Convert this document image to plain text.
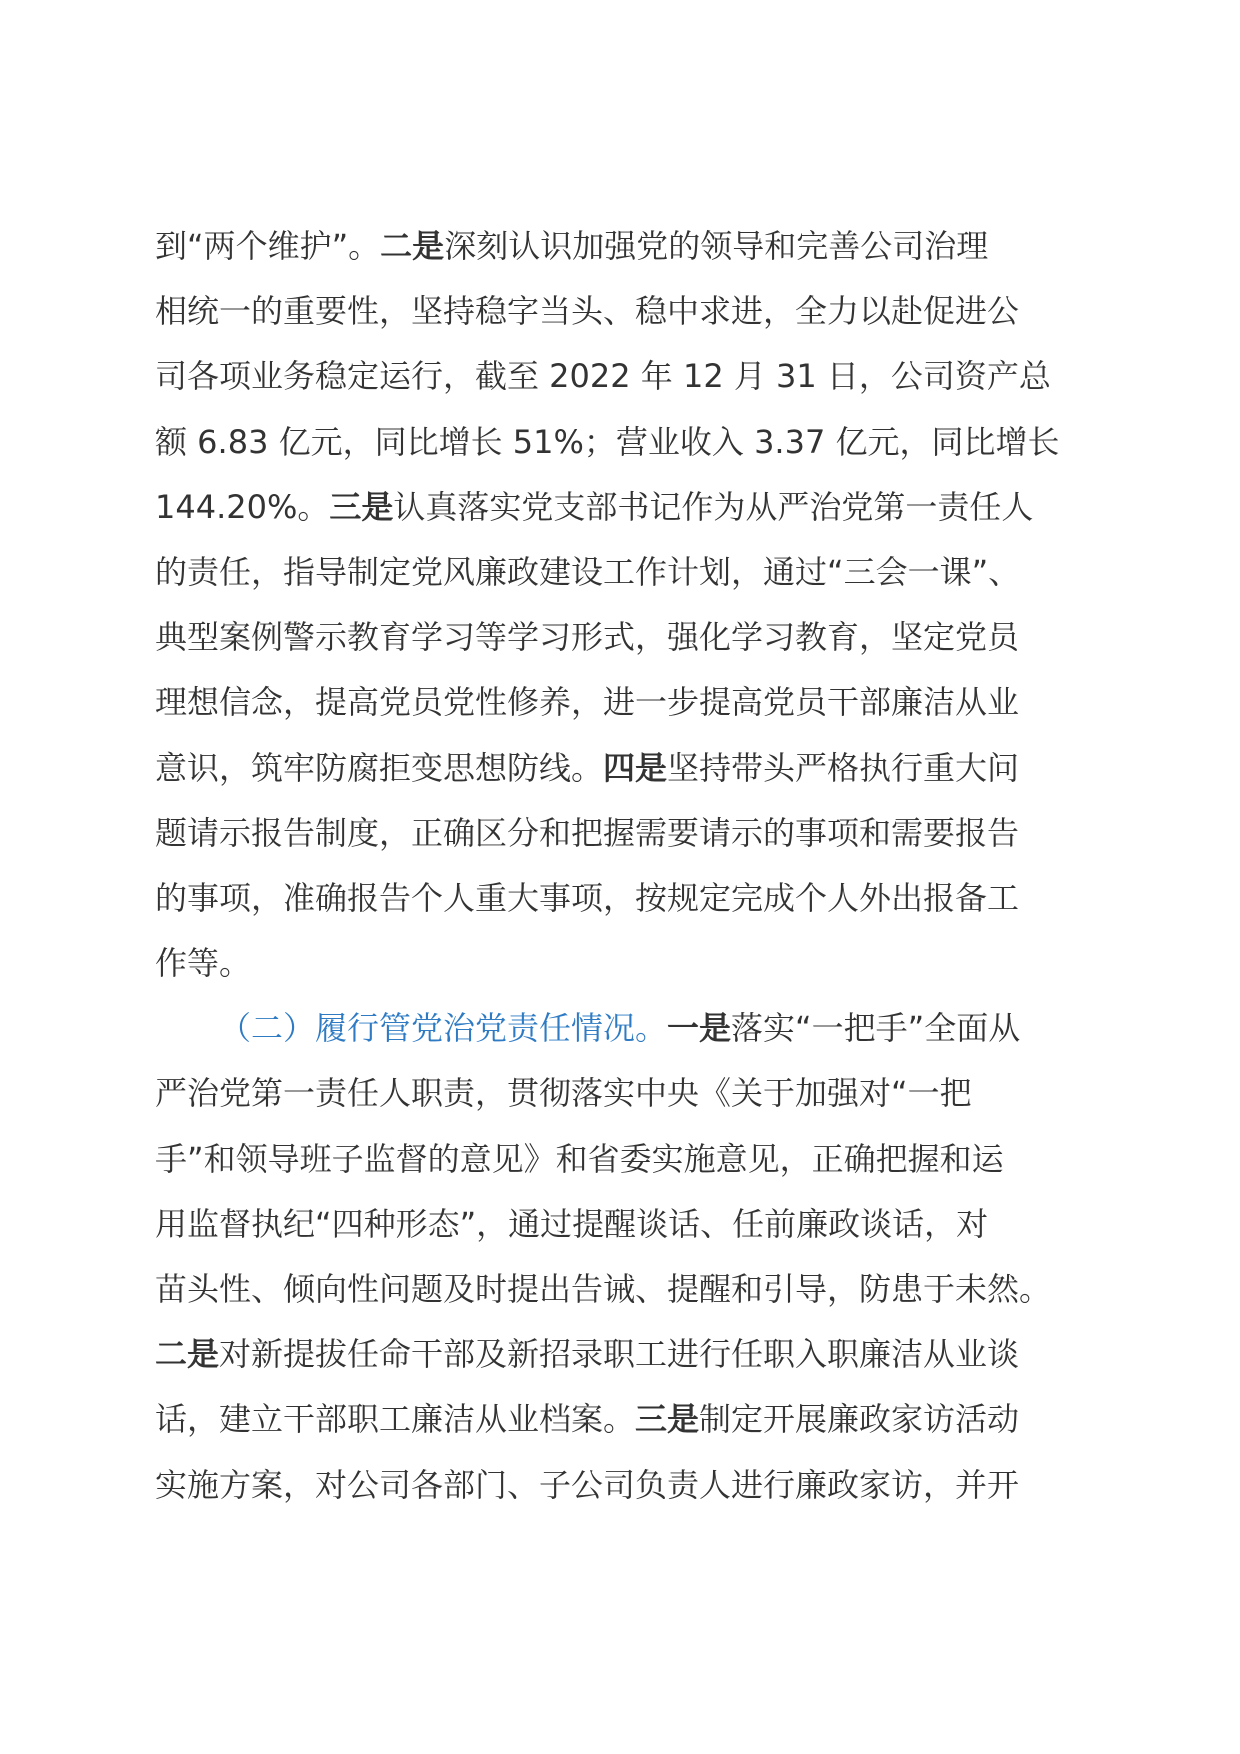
到“两个维护”。二是深刻认识加强党的领导和完善公司治理
相统一的重要性，坚持稳字当头、稳中求进，全力以赴促进公
司各项业务稳定运行，截至 2022 年 12 月 31 日，公司资产总
额 6.83 亿元，同比增长 51%；营业收入 3.37 亿元，同比增长
144.20%。三是认真落实党支部书记作为从严治党第一责任人
的责任，指导制定党风廉政建设工作计划，通过“三会一课”、
典型案例警示教育学习等学习形式，强化学习教育，坚定党员
理想信念，提高党员党性修养，进一步提高党员干部廉洁从业
意识，筑牢防腐拒变思想防线。四是坚持带头严格执行重大问
题请示报告制度，正确区分和把握需要请示的事项和需要报告
的事项，准确报告个人重大事项，按规定完成个人外出报备工
作等。
（二）履行管党治党责任情况。一是落实“一把手”全面从
严治党第一责任人职责，贯彻落实中央《关于加强对“一把
手”和领导班子监督的意见》和省委实施意见，正确把握和运
用监督执纪“四种形态”，通过提醒谈话、任前廉政谈话，对
苗头性、倾向性问题及时提出告诫、提醒和引导，防患于未然。
二是对新提拔任命干部及新招录职工进行任职入职廉洁从业谈
话，建立干部职工廉洁从业档案。三是制定开展廉政家访活动
实施方案，对公司各部门、子公司负责人进行廉政家访，并开
